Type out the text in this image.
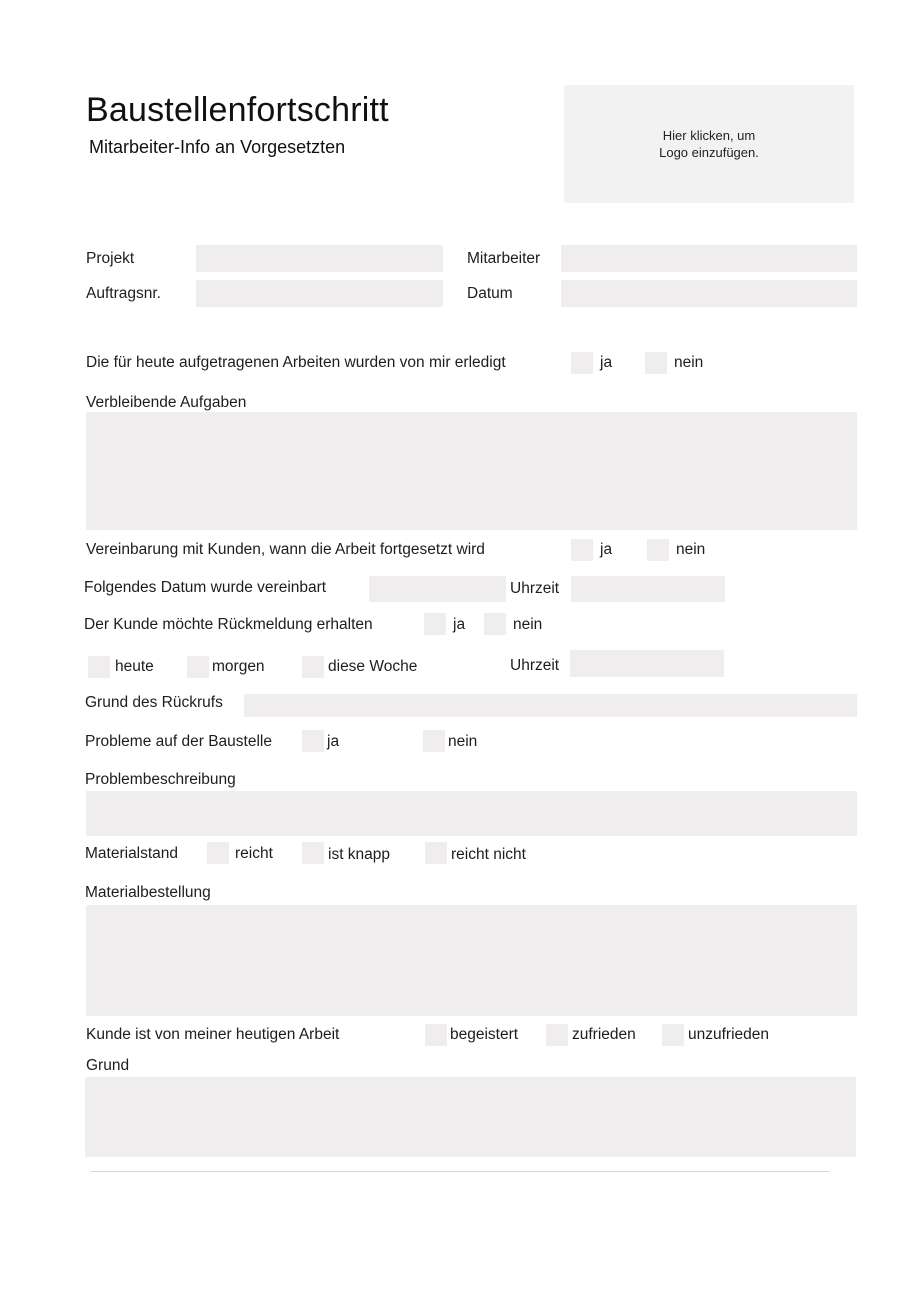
Baustellenfortschritt
Mitarbeiter-Info an Vorgesetzten
Hier klicken, um
Logo einzufügen.
Projekt	Mitarbeiter
Auftragsnr.	Datum
Die für heute aufgetragenen Arbeiten wurden von mir erledigt	ja	nein
Verbleibende Aufgaben
Vereinbarung mit Kunden, wann die Arbeit fortgesetzt wird	ja	nein
Folgendes Datum wurde vereinbart	Uhrzeit
Der Kunde möchte Rückmeldung erhalten	ja	nein
heute	morgen	diese Woche	Uhrzeit
Grund des Rückrufs
Probleme auf der Baustelle	ja	nein
Problembeschreibung
Materialstand	reicht	ist knapp	reicht nicht
Materialbestellung
Kunde ist von meiner heutigen Arbeit	begeistert	zufrieden	unzufrieden
Grund
